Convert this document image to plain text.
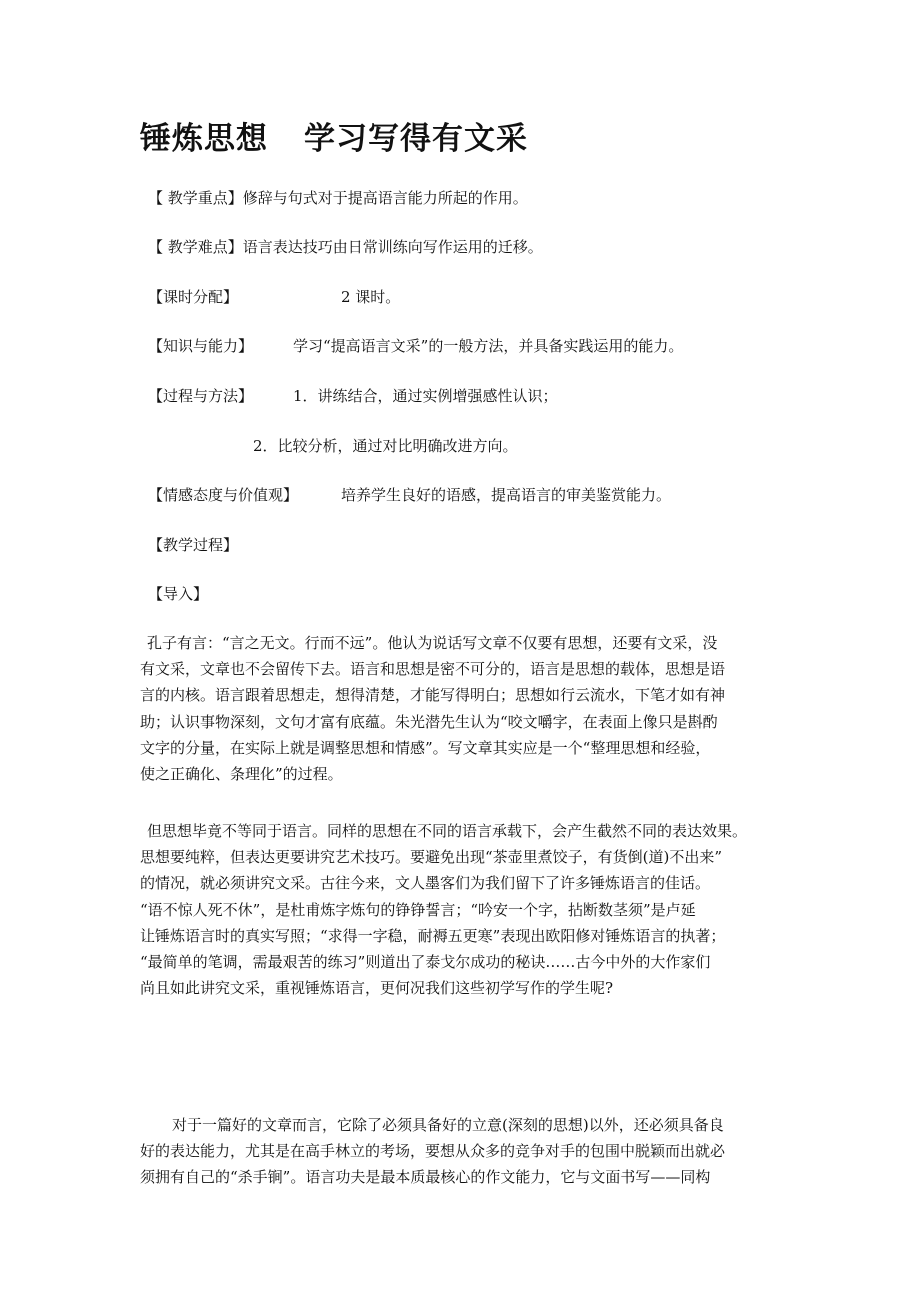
锤炼思想 学习写得有文采
【 教学重点】修辞与句式对于提高语言能力所起的作用。
【 教学难点】语言表达技巧由日常训练向写作运用的迁移。
【课时分配】	2 课时。
【知识与能力】	学习“提高语言文采”的一般方法，并具备实践运用的能力。
【过程与方法】	1．讲练结合，通过实例增强感性认识；
2．比较分析，通过对比明确改进方向。
【情感态度与价值观】	培养学生良好的语感，提高语言的审美鉴赏能力。
【教学过程】
【导入】

孔子有言：“言之无文。行而不远”。他认为说话写文章不仅要有思想，还要有文采，没

有文采，文章也不会留传下去。语言和思想是密不可分的，语言是思想的载体，思想是语

言的内核。语言跟着思想走，想得清楚，才能写得明白；思想如行云流水，下笔才如有神

助；认识事物深刻，文句才富有底蕴。朱光潜先生认为“咬文嚼字，在表面上像只是斟酌

文字的分量，在实际上就是调整思想和情感”。写文章其实应是一个“整理思想和经验，

使之正确化、条理化”的过程。

但思想毕竟不等同于语言。同样的思想在不同的语言承载下，会产生截然不同的表达效果。

思想要纯粹，但表达更要讲究艺术技巧。要避免出现“茶壶里煮饺子，有货倒(道)不出来”

的情况，就必须讲究文采。古往今来，文人墨客们为我们留下了许多锤炼语言的佳话。

“语不惊人死不休”，是杜甫炼字炼句的铮铮誓言；“吟安一个字，拈断数茎须”是卢延

让锤炼语言时的真实写照；“求得一字稳，耐褥五更寒”表现出欧阳修对锤炼语言的执著；

“最简单的笔调，需最艰苦的练习”则道出了泰戈尔成功的秘诀……古今中外的大作家们

尚且如此讲究文采，重视锤炼语言，更何况我们这些初学写作的学生呢?

对于一篇好的文章而言，它除了必须具备好的立意(深刻的思想)以外，还必须具备良

好的表达能力，尤其是在高手林立的考场，要想从众多的竞争对手的包围中脱颖而出就必

须拥有自己的“杀手锏”。语言功夫是最本质最核心的作文能力，它与文面书写——同构
